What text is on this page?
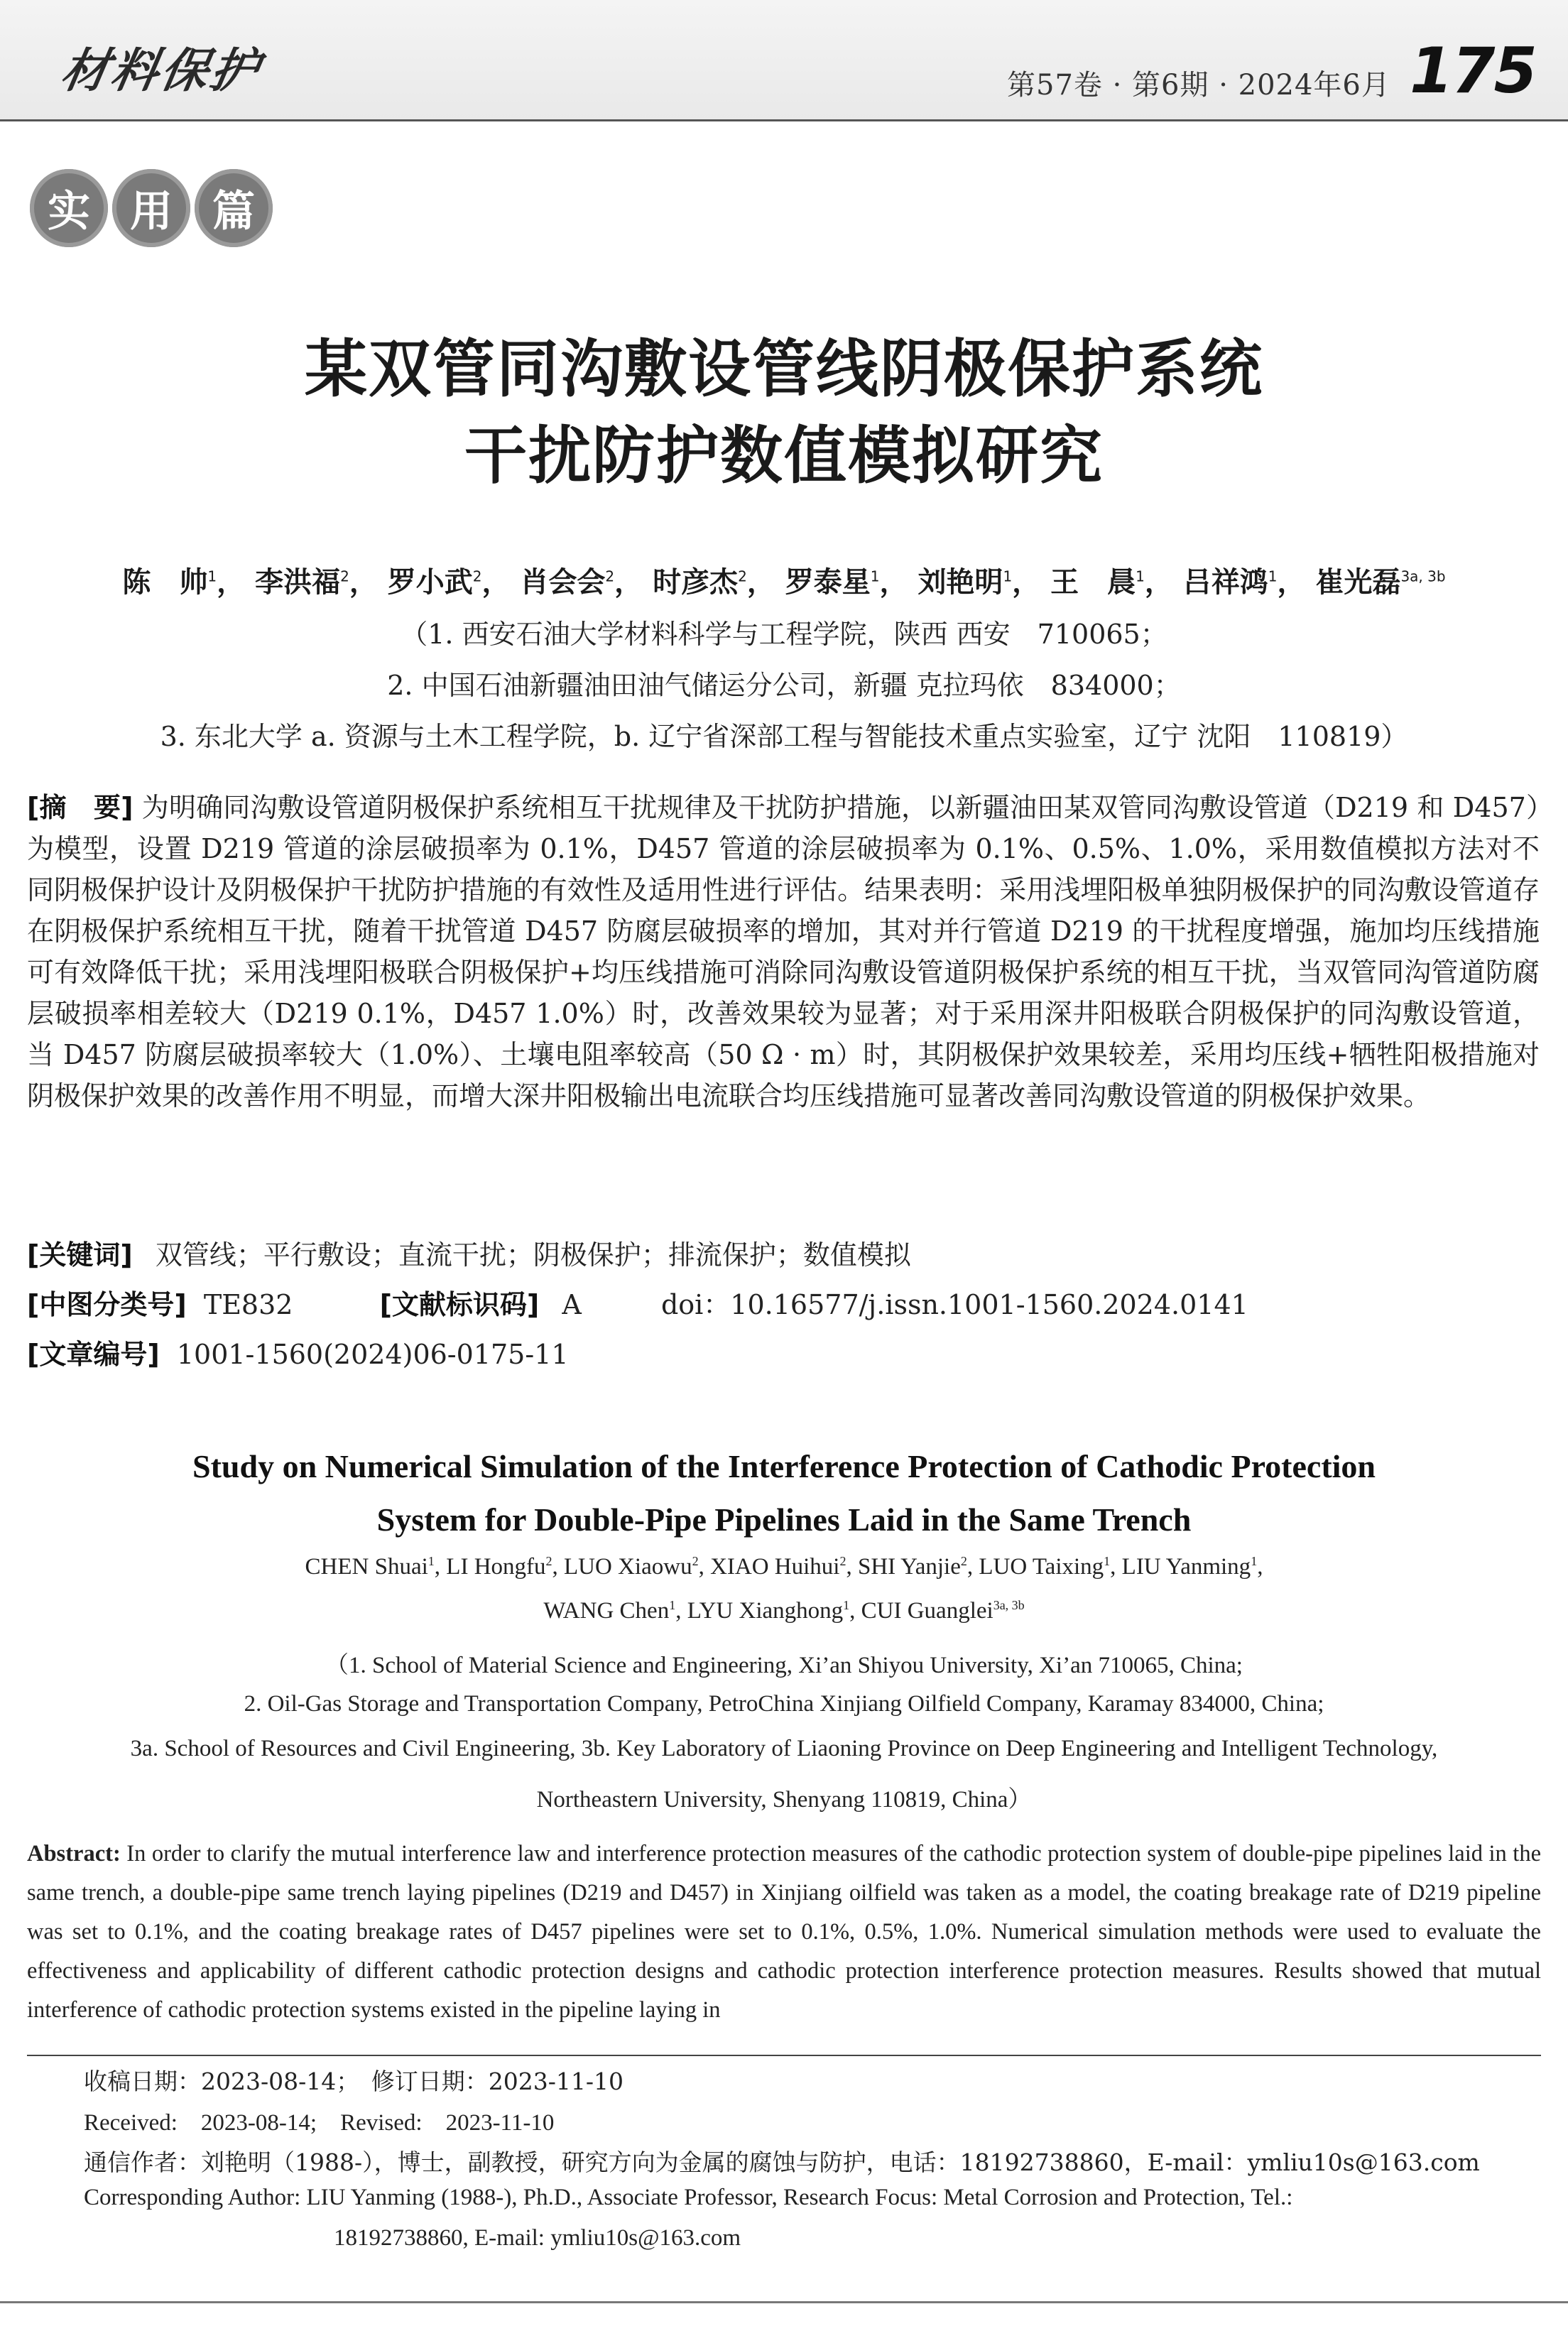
材料保护	第57卷 · 第6期 · 2024年6月 175
实 用 篇
某双管同沟敷设管线阴极保护系统
干扰防护数值模拟研究
陈　帅$^1$， 李洪福$^2$， 罗小武$^2$， 肖会会$^2$， 时彦杰$^2$， 罗泰星$^1$， 刘艳明$^1$， 王　晨$^1$， 吕祥鸿$^1$， 崔光磊$^{3a, 3b}$
（1. 西安石油大学材料科学与工程学院，陕西 西安　710065；
2. 中国石油新疆油田油气储运分公司，新疆 克拉玛依　834000；
3. 东北大学 a. 资源与土木工程学院，b. 辽宁省深部工程与智能技术重点实验室，辽宁 沈阳　110819）
[摘　要] 为明确同沟敷设管道阴极保护系统相互干扰规律及干扰防护措施，以新疆油田某双管同沟敷设管道（D219 和 D457）为模型，设置 D219 管道的涂层破损率为 0.1%，D457 管道的涂层破损率为 0.1%、0.5%、1.0%，采用数值模拟方法对不同阴极保护设计及阴极保护干扰防护措施的有效性及适用性进行评估。结果表明：采用浅埋阳极单独阴极保护的同沟敷设管道存在阴极保护系统相互干扰，随着干扰管道 D457 防腐层破损率的增加，其对并行管道 D219 的干扰程度增强，施加均压线措施可有效降低干扰；采用浅埋阳极联合阴极保护+均压线措施可消除同沟敷设管道阴极保护系统的相互干扰，当双管同沟管道防腐层破损率相差较大（D219 0.1%，D457 1.0%）时，改善效果较为显著；对于采用深井阳极联合阴极保护的同沟敷设管道，当 D457 防腐层破损率较大（1.0%）、土壤电阻率较高（50 Ω · m）时，其阴极保护效果较差，采用均压线+牺牲阳极措施对阴极保护效果的改善作用不明显，而增大深井阳极输出电流联合均压线措施可显著改善同沟敷设管道的阴极保护效果。
[关键词] 双管线；平行敷设；直流干扰；阴极保护；排流保护；数值模拟
[中图分类号] TE832	[文献标识码] A	doi：10.16577/j.issn.1001-1560.2024.0141
[文章编号] 1001-1560(2024)06-0175-11
Study on Numerical Simulation of the Interference Protection of Cathodic Protection
System for Double-Pipe Pipelines Laid in the Same Trench
CHEN Shuai$^1$, LI Hongfu$^2$, LUO Xiaowu$^2$, XIAO Huihui$^2$, SHI Yanjie$^2$, LUO Taixing$^1$, LIU Yanming$^1$,
WANG Chen$^1$, LYU Xianghong$^1$, CUI Guanglei$^{3a, 3b}$
（1. School of Material Science and Engineering, Xi’an Shiyou University, Xi’an 710065, China;
2. Oil-Gas Storage and Transportation Company, PetroChina Xinjiang Oilfield Company, Karamay 834000, China;
3a. School of Resources and Civil Engineering, 3b. Key Laboratory of Liaoning Province on Deep Engineering and Intelligent Technology,
Northeastern University, Shenyang 110819, China）
Abstract: In order to clarify the mutual interference law and interference protection measures of the cathodic protection system of double-pipe pipelines laid in the same trench, a double-pipe same trench laying pipelines (D219 and D457) in Xinjiang oilfield was taken as a model, the coating breakage rate of D219 pipeline was set to 0.1%, and the coating breakage rates of D457 pipelines were set to 0.1%, 0.5%, 1.0%. Numerical simulation methods were used to evaluate the effectiveness and applicability of different cathodic protection designs and cathodic protection interference protection measures. Results showed that mutual interference of cathodic protection systems existed in the pipeline laying in
收稿日期：2023-08-14；　修订日期：2023-11-10
Received:　2023-08-14;　Revised:　2023-11-10
通信作者：刘艳明（1988-），博士，副教授，研究方向为金属的腐蚀与防护，电话：18192738860，E-mail：ymliu10s@163.com
Corresponding Author: LIU Yanming (1988-), Ph.D., Associate Professor, Research Focus: Metal Corrosion and Protection, Tel.:
18192738860, E-mail: ymliu10s@163.com
